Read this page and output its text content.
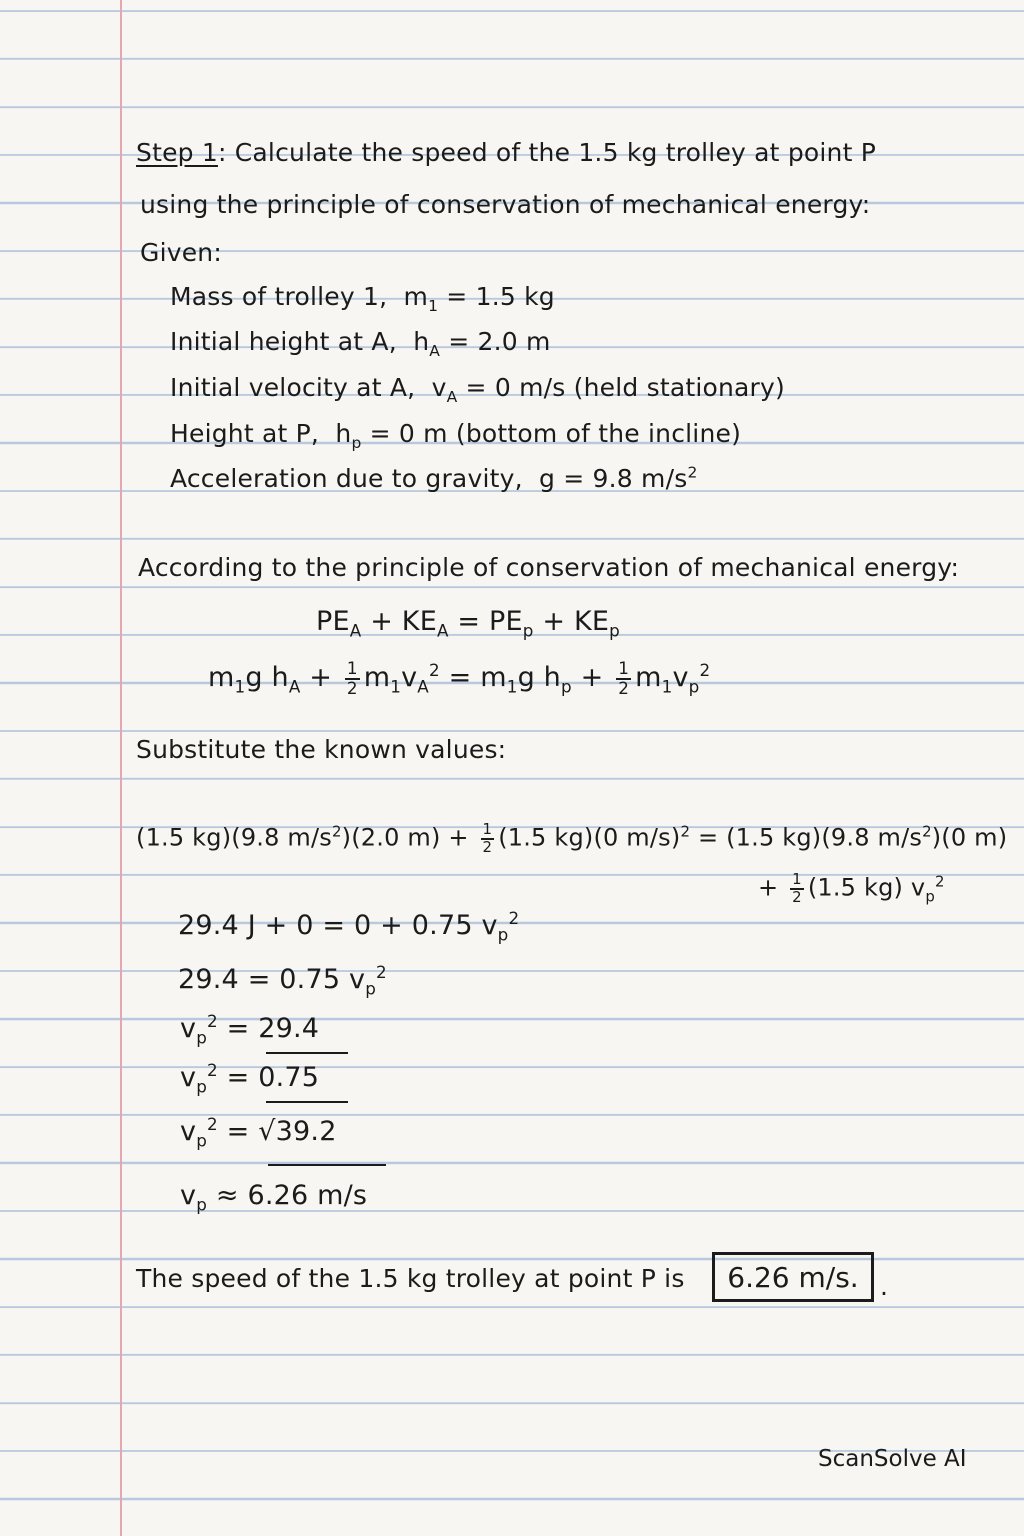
Step 1: Calculate the speed of the 1.5 kg trolley at point P
using the principle of conservation of mechanical energy:
Given:
Mass of trolley 1, $m_1 = 1.5$ kg
Initial height at A, $h_A = 2.0$ m
Initial velocity at A, $v_A = 0$ m/s (held stationary)
Height at P, $h_p = 0$ m (bottom of the incline)
Acceleration due to gravity, g = 9.8 $m/s^2$
According to the principle of conservation of mechanical energy:
$PE_A + KE_A = PE_p + KE_p$
$m_1g$ $h_A + \frac{1}{2} m_1v_A^2 = m_1g$ $h_p + \frac{1}{2} m_1v_p^2$
Substitute the known values:
(1.5 kg)(9.8 $m/s^2)(2.0$ $m) + \frac{1}{2} (1.5$ kg)(0 m/s)$^2$ = (1.5 kg)(9.8 $m/s^2)(0$ m)
+ $\frac{1}{2} (1.5$ kg) $v_p^2$
29.4 J + 0 = 0 + 0.75 $v_p^2$
29.4 = 0.75 $v_p^2$
$v_p^2 = 29.4$
$v_p^2 = 0.75$
$v_p^2 = √39.2$
$v_p \approx 6.26$ m/s
The speed of the 1.5 kg trolley at point P is 6.26 m/s. .
ScanSolve AI
